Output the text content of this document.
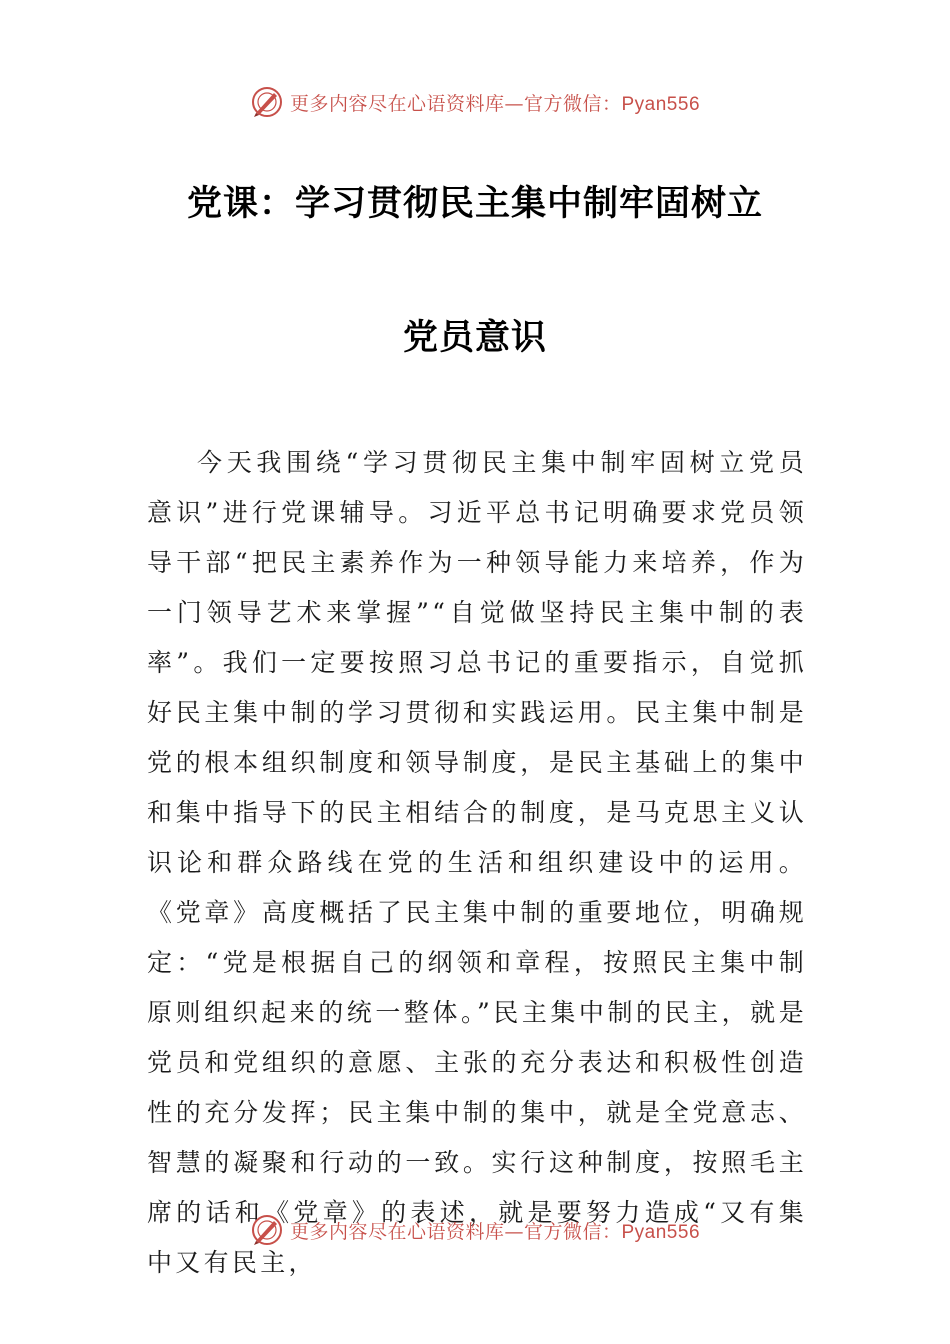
更多内容尽在心语资料库—官方微信：Pyan556
党课：学习贯彻民主集中制牢固树立
党员意识

今天我围绕“学习贯彻民主集中制牢固树立党员意识”进行党课辅导。习近平总书记明确要求党员领导干部“把民主素养作为一种领导能力来培养，作为一门领导艺术来掌握”“自觉做坚持民主集中制的表率”。我们一定要按照习总书记的重要指示，自觉抓好民主集中制的学习贯彻和实践运用。民主集中制是党的根本组织制度和领导制度，是民主基础上的集中和集中指导下的民主相结合的制度，是马克思主义认识论和群众路线在党的生活和组织建设中的运用。《党章》高度概括了民主集中制的重要地位，明确规定：“党是根据自己的纲领和章程，按照民主集中制原则组织起来的统一整体。”民主集中制的民主，就是党员和党组织的意愿、主张的充分表达和积极性创造性的充分发挥；民主集中制的集中，就是全党意志、智慧的凝聚和行动的一致。实行这种制度，按照毛主席的话和《党章》的表述，就是要努力造成“又有集中又有民主，

更多内容尽在心语资料库—官方微信：Pyan556
